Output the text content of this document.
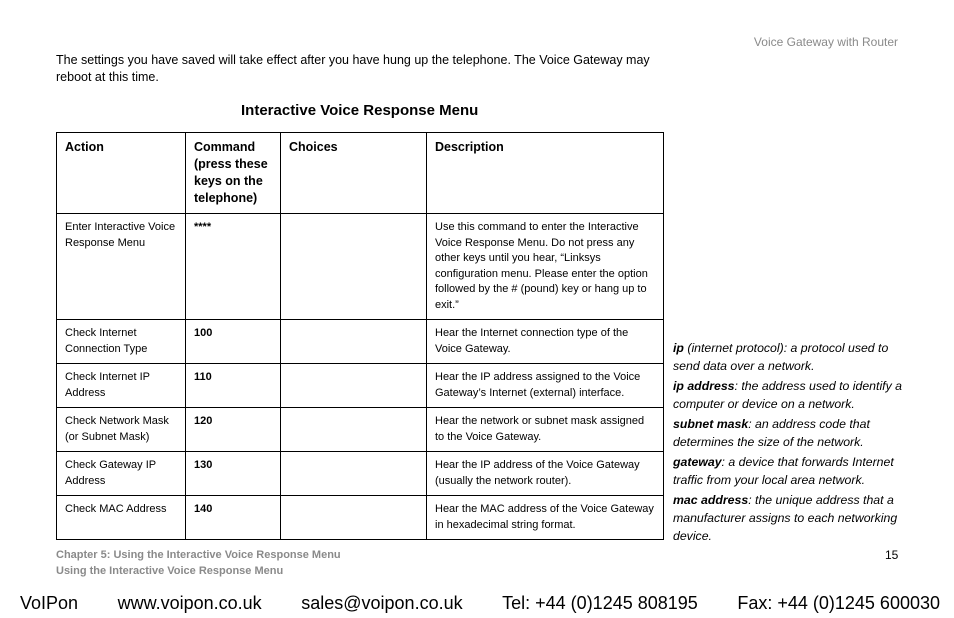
Voice Gateway with Router
The settings you have saved will take effect after you have hung up the telephone. The Voice Gateway may reboot at this time.
Interactive Voice Response Menu
Action	Command (press these keys on the telephone)	Choices	Description
Enter Interactive Voice Response Menu	****		Use this command to enter the Interactive Voice Response Menu. Do not press any other keys until you hear, “Linksys configuration menu. Please enter the option followed by the # (pound) key or hang up to exit.”
Check Internet Connection Type	100		Hear the Internet connection type of the Voice Gateway.
Check Internet IP Address	110		Hear the IP address assigned to the Voice Gateway’s Internet (external) interface.
Check Network Mask (or Subnet Mask)	120		Hear the network or subnet mask assigned to the Voice Gateway.
Check Gateway IP Address	130		Hear the IP address of the Voice Gateway (usually the network router).
Check MAC Address	140		Hear the MAC address of the Voice Gateway in hexadecimal string format.

ip (internet protocol): a protocol used to send data over a network.

ip address: the address used to identify a computer or device on a network.

subnet mask: an address code that determines the size of the network.

gateway: a device that forwards Internet traffic from your local area network.

mac address: the unique address that a manufacturer assigns to each networking device.

Chapter 5: Using the Interactive Voice Response Menu
Using the Interactive Voice Response Menu
15
VoIPon www.voipon.co.uk sales@voipon.co.uk Tel: +44 (0)1245 808195 Fax: +44 (0)1245 600030
